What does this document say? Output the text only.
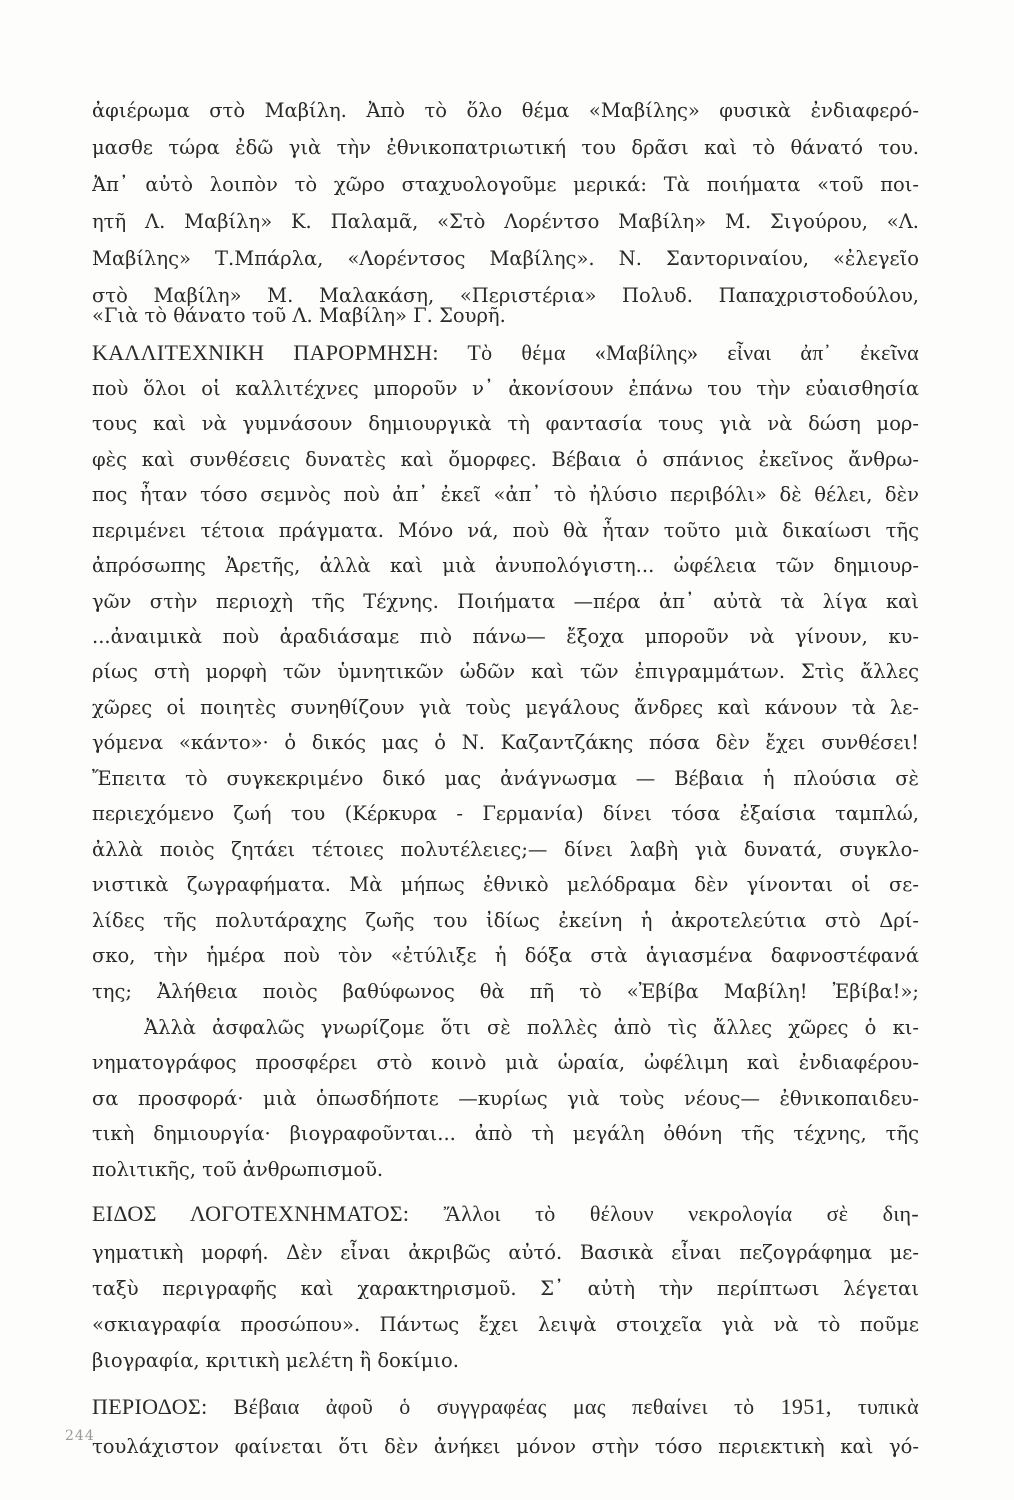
ἀφιέρωμα στὸ Μαβίλη. Ἀπὸ τὸ ὅλο θέμα «Μαβίλης» φυσικὰ ἐνδιαφερό-
μασθε τώρα ἐδῶ γιὰ τὴν ἐθνικοπατριωτική του δρᾶσι καὶ τὸ θάνατό του.
Ἀπ᾽ αὐτὸ λοιπὸν τὸ χῶρο σταχυολογοῦμε μερικά: Τὰ ποιήματα «τοῦ ποι-
ητῆ Λ. Μαβίλη» Κ. Παλαμᾶ, «Στὸ Λορέντσο Μαβίλη» Μ. Σιγούρου, «Λ.
Μαβίλης» Τ.Μπάρλα, «Λορέντσος Μαβίλης». Ν. Σαντοριναίου, «ἐλεγεῖο
στὸ Μαβίλη» Μ. Μαλακάση, «Περιστέρια» Πολυδ. Παπαχριστοδούλου,
«Γιὰ τὸ θάνατο τοῦ Λ. Μαβίλη» Γ. Σουρῆ.
ΚΑΛΛΙΤΕΧΝΙΚΗ ΠΑΡΟΡΜΗΣΗ: Τὸ θέμα «Μαβίλης» εἶναι ἀπ᾽ ἐκεῖνα
ποὺ ὅλοι οἱ καλλιτέχνες μποροῦν ν᾽ ἀκονίσουν ἐπάνω του τὴν εὐαισθησία
τους καὶ νὰ γυμνάσουν δημιουργικὰ τὴ φαντασία τους γιὰ νὰ δώση μορ-
φὲς καὶ συνθέσεις δυνατὲς καὶ ὄμορφες. Βέβαια ὁ σπάνιος ἐκεῖνος ἄνθρω-
πος ἦταν τόσο σεμνὸς ποὺ ἀπ᾽ ἐκεῖ «ἀπ᾽ τὸ ἠλύσιο περιβόλι» δὲ θέλει, δὲν
περιμένει τέτοια πράγματα. Μόνο νά, ποὺ θὰ ἦταν τοῦτο μιὰ δικαίωσι τῆς
ἀπρόσωπης Ἀρετῆς, ἀλλὰ καὶ μιὰ ἀνυπολόγιστη... ὠφέλεια τῶν δημιουρ-
γῶν στὴν περιοχὴ τῆς Τέχνης. Ποιήματα —πέρα ἀπ᾽ αὐτὰ τὰ λίγα καὶ
...ἀναιμικὰ ποὺ ἀραδιάσαμε πιὸ πάνω— ἔξοχα μποροῦν νὰ γίνουν, κυ-
ρίως στὴ μορφὴ τῶν ὑμνητικῶν ὠδῶν καὶ τῶν ἐπιγραμμάτων. Στὶς ἄλλες
χῶρες οἱ ποιητὲς συνηθίζουν γιὰ τοὺς μεγάλους ἄνδρες καὶ κάνουν τὰ λε-
γόμενα «κάντο»· ὁ δικός μας ὁ Ν. Καζαντζάκης πόσα δὲν ἔχει συνθέσει!
Ἔπειτα τὸ συγκεκριμένο δικό μας ἀνάγνωσμα — Βέβαια ἡ πλούσια σὲ
περιεχόμενο ζωή του (Κέρκυρα - Γερμανία) δίνει τόσα ἐξαίσια ταμπλώ,
ἀλλὰ ποιὸς ζητάει τέτοιες πολυτέλειες;— δίνει λαβὴ γιὰ δυνατά, συγκλο-
νιστικὰ ζωγραφήματα. Μὰ μήπως ἐθνικὸ μελόδραμα δὲν γίνονται οἱ σε-
λίδες τῆς πολυτάραχης ζωῆς του ἰδίως ἐκείνη ἡ ἀκροτελεύτια στὸ Δρί-
σκο, τὴν ἡμέρα ποὺ τὸν «ἐτύλιξε ἡ δόξα στὰ ἁγιασμένα δαφνοστέφανά
της; Ἀλήθεια ποιὸς βαθύφωνος θὰ πῆ τὸ «Ἐβίβα Μαβίλη! Ἐβίβα!»;
Ἀλλὰ ἀσφαλῶς γνωρίζομε ὅτι σὲ πολλὲς ἀπὸ τὶς ἄλλες χῶρες ὁ κι-
νηματογράφος προσφέρει στὸ κοινὸ μιὰ ὡραία, ὠφέλιμη καὶ ἐνδιαφέρου-
σα προσφορά· μιὰ ὁπωσδήποτε —κυρίως γιὰ τοὺς νέους— ἐθνικοπαιδευ-
τικὴ δημιουργία· βιογραφοῦνται... ἀπὸ τὴ μεγάλη ὀθόνη τῆς τέχνης, τῆς
πολιτικῆς, τοῦ ἀνθρωπισμοῦ.
ΕΙΔΟΣ ΛΟΓΟΤΕΧΝΗΜΑΤΟΣ: Ἄλλοι τὸ θέλουν νεκρολογία σὲ διη-
γηματικὴ μορφή. Δὲν εἶναι ἀκριβῶς αὐτό. Βασικὰ εἶναι πεζογράφημα με-
ταξὺ περιγραφῆς καὶ χαρακτηρισμοῦ. Σ᾽ αὐτὴ τὴν περίπτωσι λέγεται
«σκιαγραφία προσώπου». Πάντως ἔχει λειψὰ στοιχεῖα γιὰ νὰ τὸ ποῦμε
βιογραφία, κριτικὴ μελέτη ἢ δοκίμιο.
ΠΕΡΙΟΔΟΣ: Βέβαια ἀφοῦ ὁ συγγραφέας μας πεθαίνει τὸ 1951, τυπικὰ
τουλάχιστον φαίνεται ὅτι δὲν ἀνήκει μόνον στὴν τόσο περιεκτικὴ καὶ γό-
244
